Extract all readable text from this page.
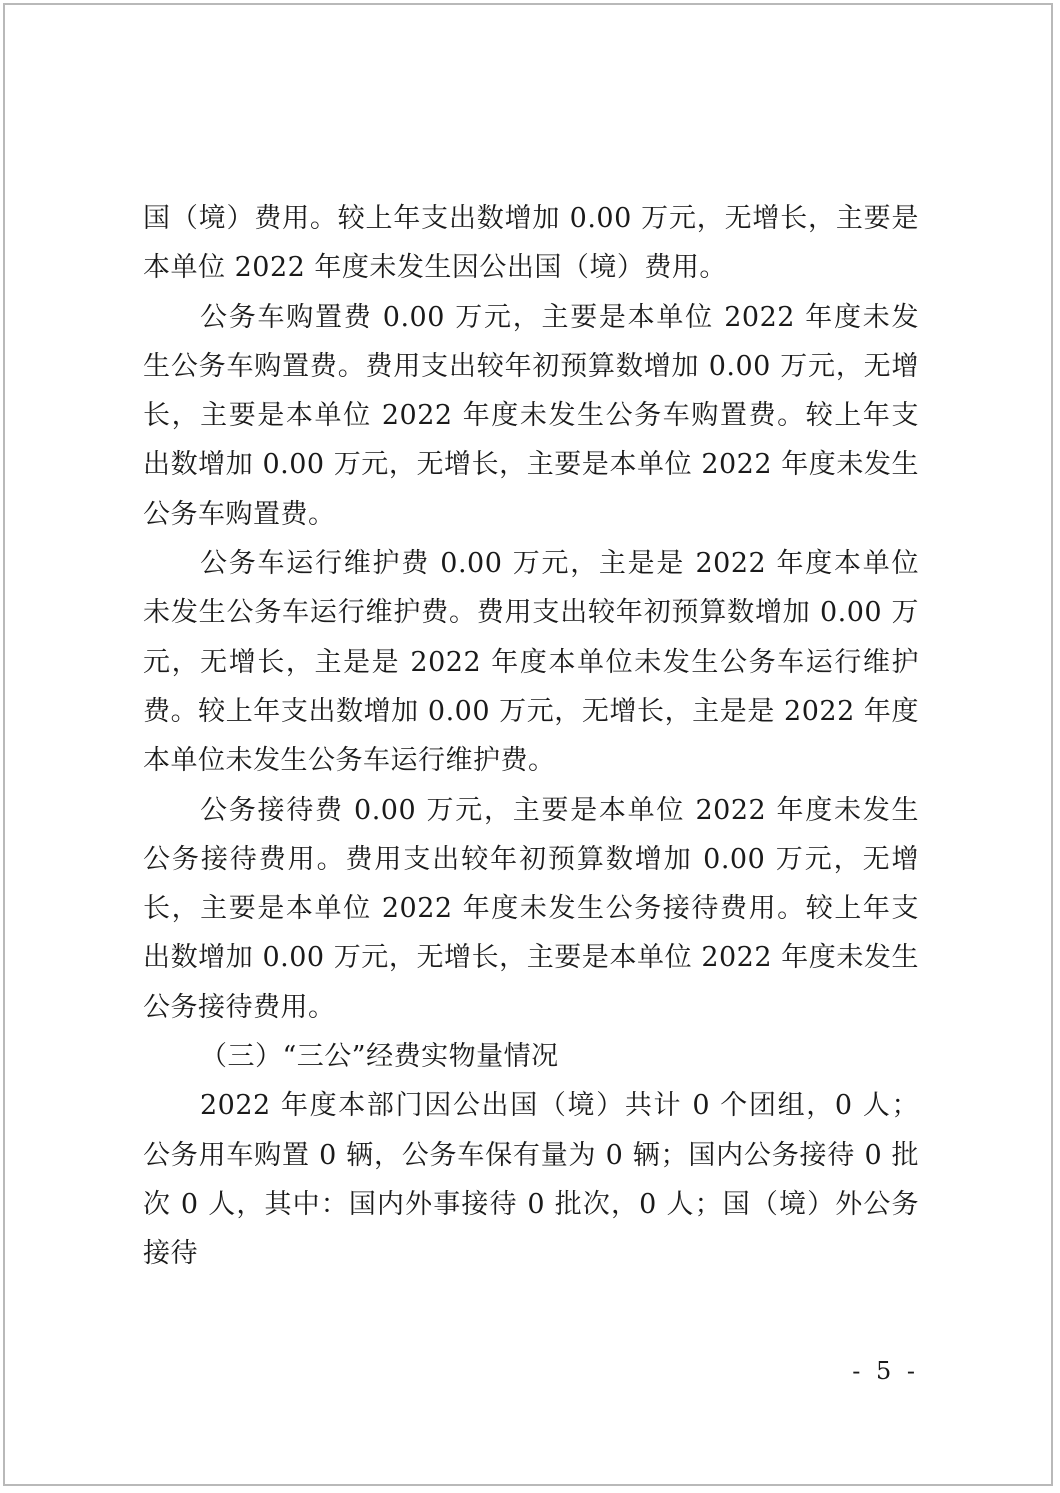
国（境）费用。较上年支出数增加 0.00 万元，无增长，主要是本单位 2022 年度未发生因公出国（境）费用。

公务车购置费 0.00 万元，主要是本单位 2022 年度未发生公务车购置费。费用支出较年初预算数增加 0.00 万元，无增长，主要是本单位 2022 年度未发生公务车购置费。较上年支出数增加 0.00 万元，无增长，主要是本单位 2022 年度未发生公务车购置费。

公务车运行维护费 0.00 万元，主是是 2022 年度本单位未发生公务车运行维护费。费用支出较年初预算数增加 0.00 万元，无增长，主是是 2022 年度本单位未发生公务车运行维护费。较上年支出数增加 0.00 万元，无增长，主是是 2022 年度本单位未发生公务车运行维护费。

公务接待费 0.00 万元，主要是本单位 2022 年度未发生公务接待费用。费用支出较年初预算数增加 0.00 万元，无增长，主要是本单位 2022 年度未发生公务接待费用。较上年支出数增加 0.00 万元，无增长，主要是本单位 2022 年度未发生公务接待费用。

（三）“三公”经费实物量情况

2022 年度本部门因公出国（境）共计 0 个团组，0 人；公务用车购置 0 辆，公务车保有量为 0 辆；国内公务接待 0 批次 0 人，其中：国内外事接待 0 批次，0 人；国（境）外公务接待

- 5 -
